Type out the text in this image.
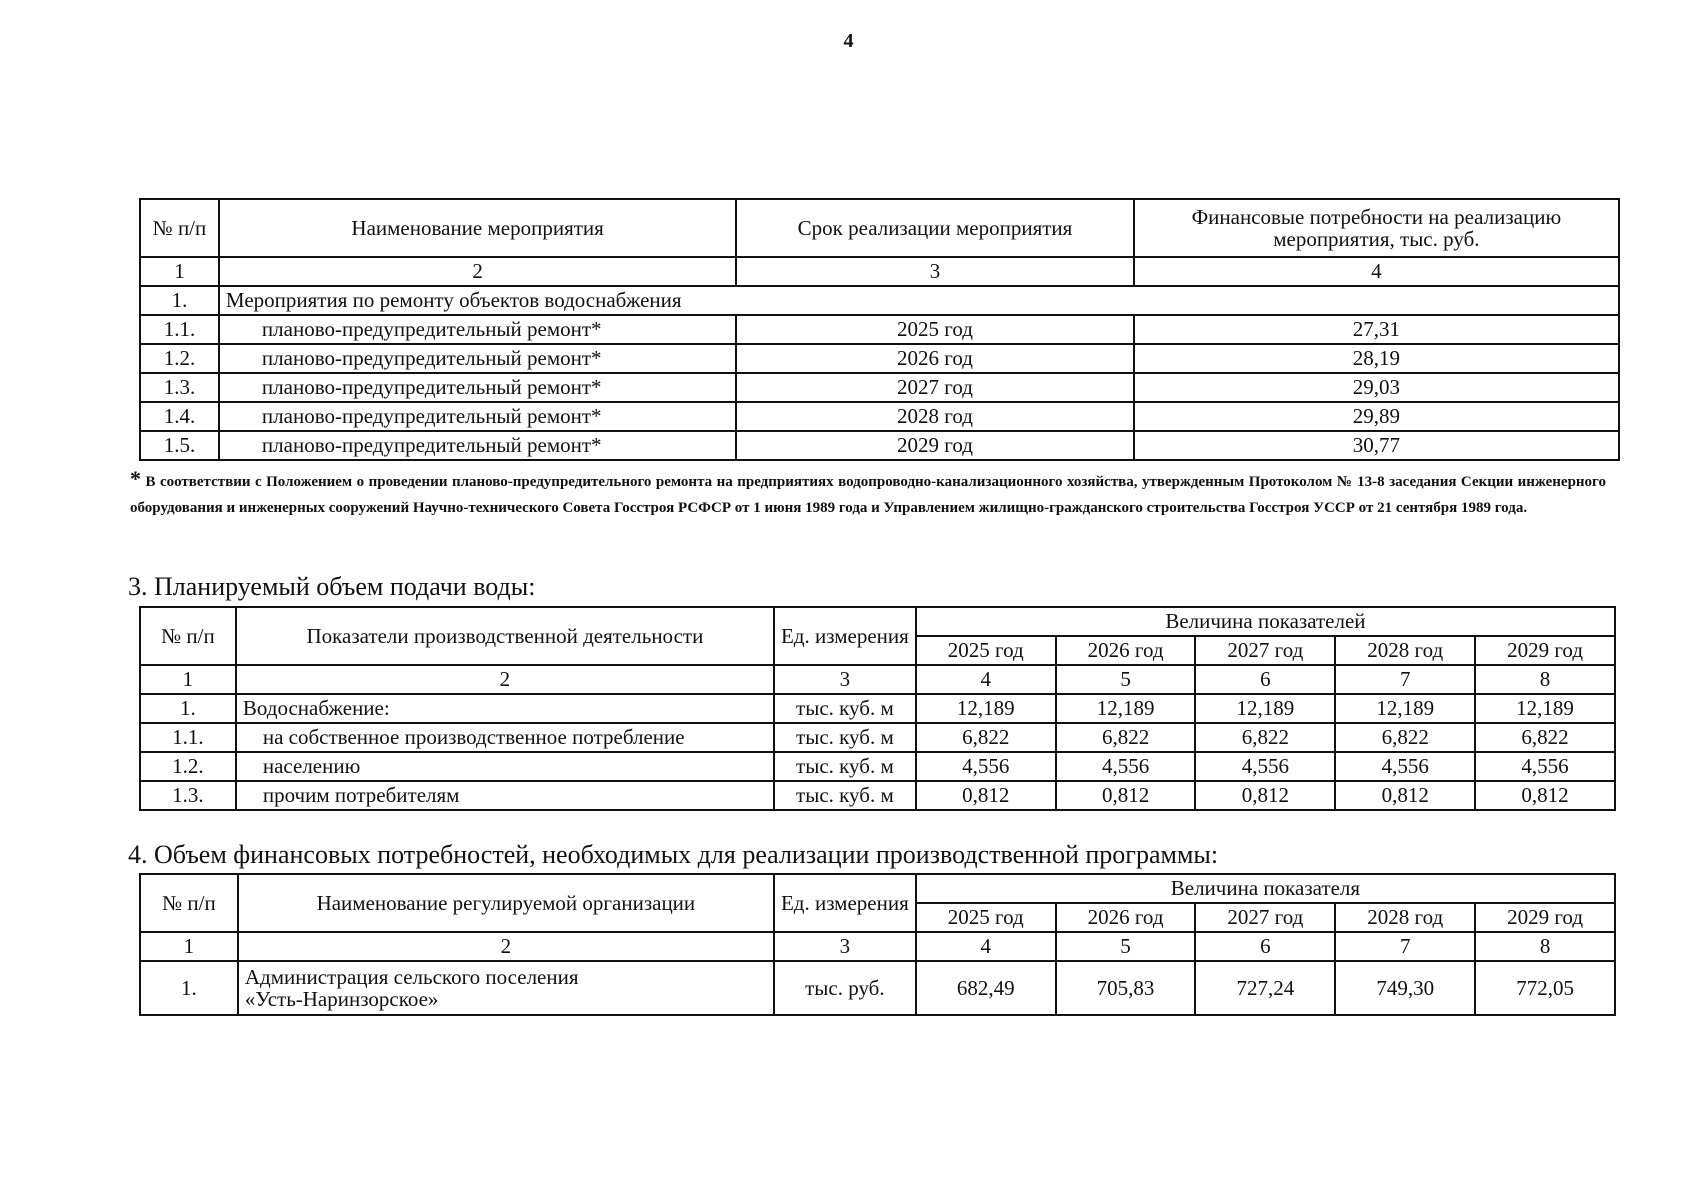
4
№ п/п	Наименование мероприятия	Срок реализации мероприятия	Финансовые потребности на реализацию мероприятия, тыс. руб.
1	2	3	4
1.	Мероприятия по ремонту объектов водоснабжения		
1.1.	планово-предупредительный ремонт*	2025 год	27,31
1.2.	планово-предупредительный ремонт*	2026 год	28,19
1.3.	планово-предупредительный ремонт*	2027 год	29,03
1.4.	планово-предупредительный ремонт*	2028 год	29,89
1.5.	планово-предупредительный ремонт*	2029 год	30,77
* В соответствии с Положением о проведении планово-предупредительного ремонта на предприятиях водопроводно-канализационного хозяйства, утвержденным Протоколом № 13-8 заседания Секции инженерного оборудования и инженерных сооружений Научно-технического Совета Госстроя РСФСР от 1 июня 1989 года и Управлением жилищно-гражданского строительства Госстроя УССР от 21 сентября 1989 года.
3. Планируемый объем подачи воды:
№ п/п	Показатели производственной деятельности	Ед. измерения	Величина показателей				
			2025 год	2026 год	2027 год	2028 год	2029 год
1	2	3	4	5	6	7	8
1.	Водоснабжение:	тыс. куб. м	12,189	12,189	12,189	12,189	12,189
1.1.	на собственное производственное потребление	тыс. куб. м	6,822	6,822	6,822	6,822	6,822
1.2.	населению	тыс. куб. м	4,556	4,556	4,556	4,556	4,556
1.3.	прочим потребителям	тыс. куб. м	0,812	0,812	0,812	0,812	0,812
4. Объем финансовых потребностей, необходимых для реализации производственной программы:
№ п/п	Наименование регулируемой организации	Ед. измерения	Величина показателя				
			2025 год	2026 год	2027 год	2028 год	2029 год
1	2	3	4	5	6	7	8
1.	Администрация сельского поселения
«Усть-Наринзорское»	тыс. руб.	682,49	705,83	727,24	749,30	772,05
